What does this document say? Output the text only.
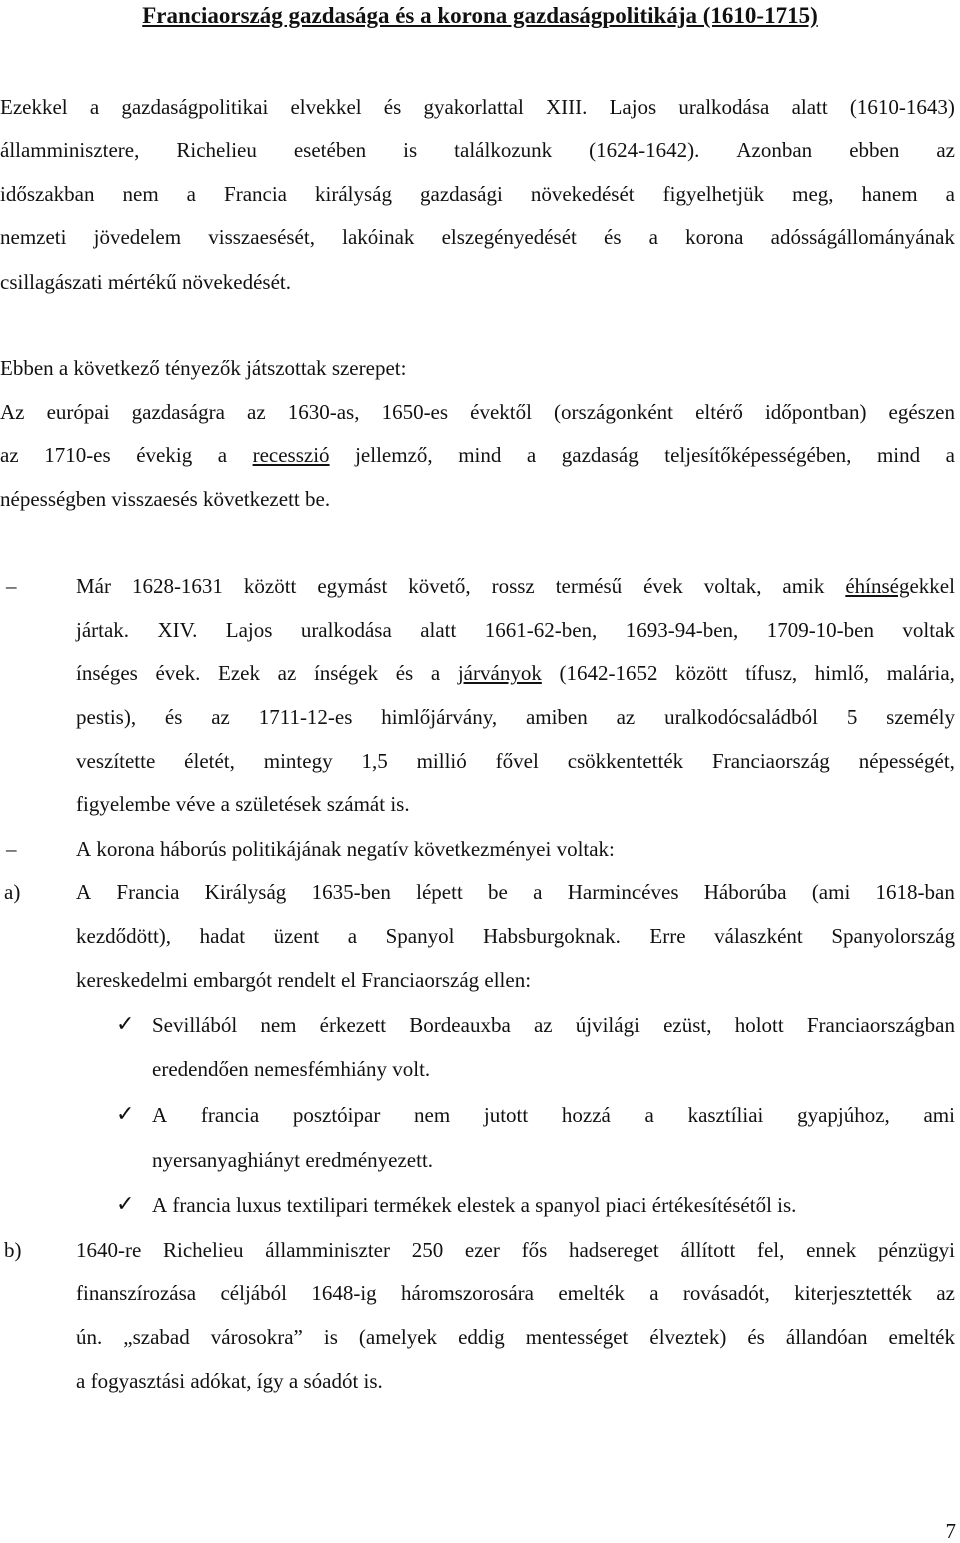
Franciaország gazdasága és a korona gazdaságpolitikája (1610-1715)
Ezekkel a gazdaságpolitikai elvekkel és gyakorlattal XIII. Lajos uralkodása alatt (1610-1643)
államminisztere, Richelieu esetében is találkozunk (1624-1642). Azonban ebben az
időszakban nem a Francia királyság gazdasági növekedését figyelhetjük meg, hanem a
nemzeti jövedelem visszaesését, lakóinak elszegényedését és a korona adósságállományának
csillagászati mértékű növekedését.
Ebben a következő tényezők játszottak szerepet:
Az európai gazdaságra az 1630-as, 1650-es évektől (országonként eltérő időpontban) egészen
az 1710-es évekig a recesszió jellemző, mind a gazdaság teljesítőképességében, mind a
népességben visszaesés következett be.
Már 1628-1631 között egymást követő, rossz termésű évek voltak, amik éhínségekkel
jártak. XIV. Lajos uralkodása alatt 1661-62-ben, 1693-94-ben, 1709-10-ben voltak
ínséges évek. Ezek az ínségek és a járványok (1642-1652 között tífusz, himlő, malária,
pestis), és az 1711-12-es himlőjárvány, amiben az uralkodócsaládból 5 személy
veszítette életét, mintegy 1,5 millió fővel csökkentették Franciaország népességét,
figyelembe véve a születések számát is.
A korona háborús politikájának negatív következményei voltak:
A Francia Királyság 1635-ben lépett be a Harmincéves Háborúba (ami 1618-ban
kezdődött), hadat üzent a Spanyol Habsburgoknak. Erre válaszként Spanyolország
kereskedelmi embargót rendelt el Franciaország ellen:
Sevillából nem érkezett Bordeauxba az újvilági ezüst, holott Franciaországban
eredendően nemesfémhiány volt.
A francia posztóipar nem jutott hozzá a kasztíliai gyapjúhoz, ami
nyersanyaghiányt eredményezett.
A francia luxus textilipari termékek elestek a spanyol piaci értékesítésétől is.
1640-re Richelieu államminiszter 250 ezer fős hadsereget állított fel, ennek pénzügyi
finanszírozása céljából 1648-ig háromszorosára emelték a rovásadót, kiterjesztették az
ún. „szabad városokra” is (amelyek eddig mentességet élveztek) és állandóan emelték
a fogyasztási adókat, így a sóadót is.
–
–
a)
✓
✓
✓
b)
7
